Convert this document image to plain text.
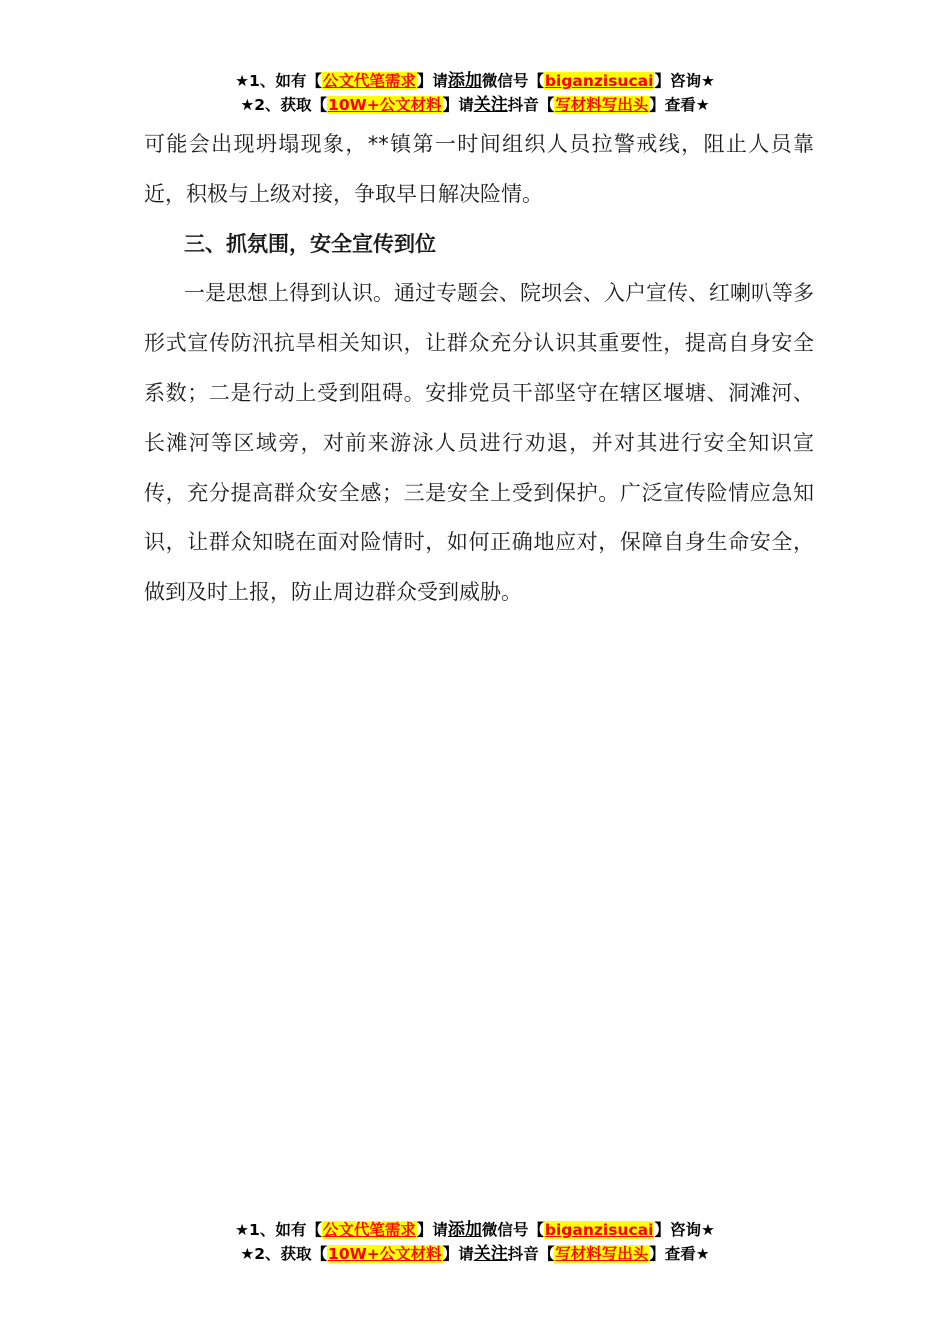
★1、如有【公文代笔需求】请添加微信号【biganzisucai】咨询★
★2、获取【10W+公文材料】请关注抖音【写材料写出头】查看★

可能会出现坍塌现象，**镇第一时间组织人员拉警戒线，阻止人员靠近，积极与上级对接，争取早日解决险情。

三、抓氛围，安全宣传到位

一是思想上得到认识。通过专题会、院坝会、入户宣传、红喇叭等多形式宣传防汛抗旱相关知识，让群众充分认识其重要性，提高自身安全系数；二是行动上受到阻碍。安排党员干部坚守在辖区堰塘、洞滩河、长滩河等区域旁，对前来游泳人员进行劝退，并对其进行安全知识宣传，充分提高群众安全感；三是安全上受到保护。广泛宣传险情应急知识，让群众知晓在面对险情时，如何正确地应对，保障自身生命安全，做到及时上报，防止周边群众受到威胁。

★1、如有【公文代笔需求】请添加微信号【biganzisucai】咨询★
★2、获取【10W+公文材料】请关注抖音【写材料写出头】查看★
